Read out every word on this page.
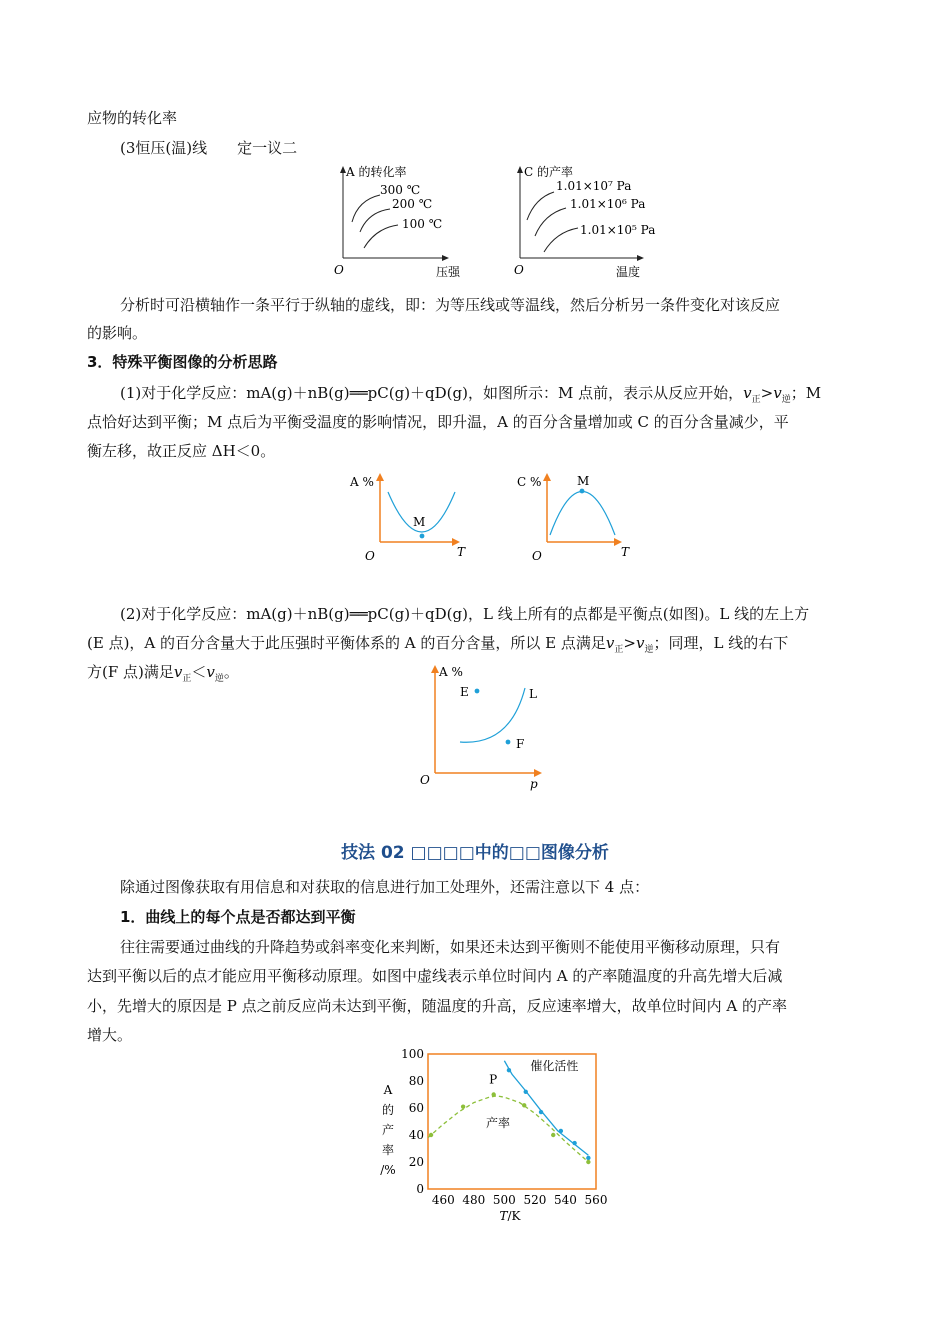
应物的转化率
(3恒压(温)线　　定一议二
A 的转化率
300 ℃
200 ℃
100 ℃
O	压强
C 的产率
1.01×10⁷ Pa
1.01×10⁶ Pa
1.01×10⁵ Pa
O	温度
分析时可沿横轴作一条平行于纵轴的虚线，即：为等压线或等温线，然后分析另一条件变化对该反应
的影响。
3．特殊平衡图像的分析思路
(1)对于化学反应：mA(g)＋nB(g)══pC(g)＋qD(g)，如图所示：M 点前，表示从反应开始，$v_正>v_逆$；M
点恰好达到平衡；M 点后为平衡受温度的影响情况，即升温，A 的百分含量增加或 C 的百分含量减少，平
衡左移，故正反应 ΔH＜0。
A %
M
O	T
C %	M
O	T
(2)对于化学反应：mA(g)＋nB(g)══pC(g)＋qD(g)，L 线上所有的点都是平衡点(如图)。L 线的左上方
(E 点)，A 的百分含量大于此压强时平衡体系的 A 的百分含量，所以 E 点满足$v_正>v_逆$；同理，L 线的右下
方(F 点)满足$v_正<v_逆$。	A %
E	L
F
O	p
技法 02 □□□□中的□□图像分析
除通过图像获取有用信息和对获取的信息进行加工处理外，还需注意以下 4 点：
1．曲线上的每个点是否都达到平衡
往往需要通过曲线的升降趋势或斜率变化来判断，如果还未达到平衡则不能使用平衡移动原理，只有
达到平衡以后的点才能应用平衡移动原理。如图中虚线表示单位时间内 A 的产率随温度的升高先增大后减
小，先增大的原因是 P 点之前反应尚未达到平衡，随温度的升高，反应速率增大，故单位时间内 A 的产率
增大。
A
的
产
率
/%
0
20
40
60
80
100
460 480 500 520 540 560
催化活性
产率
P
T/K
